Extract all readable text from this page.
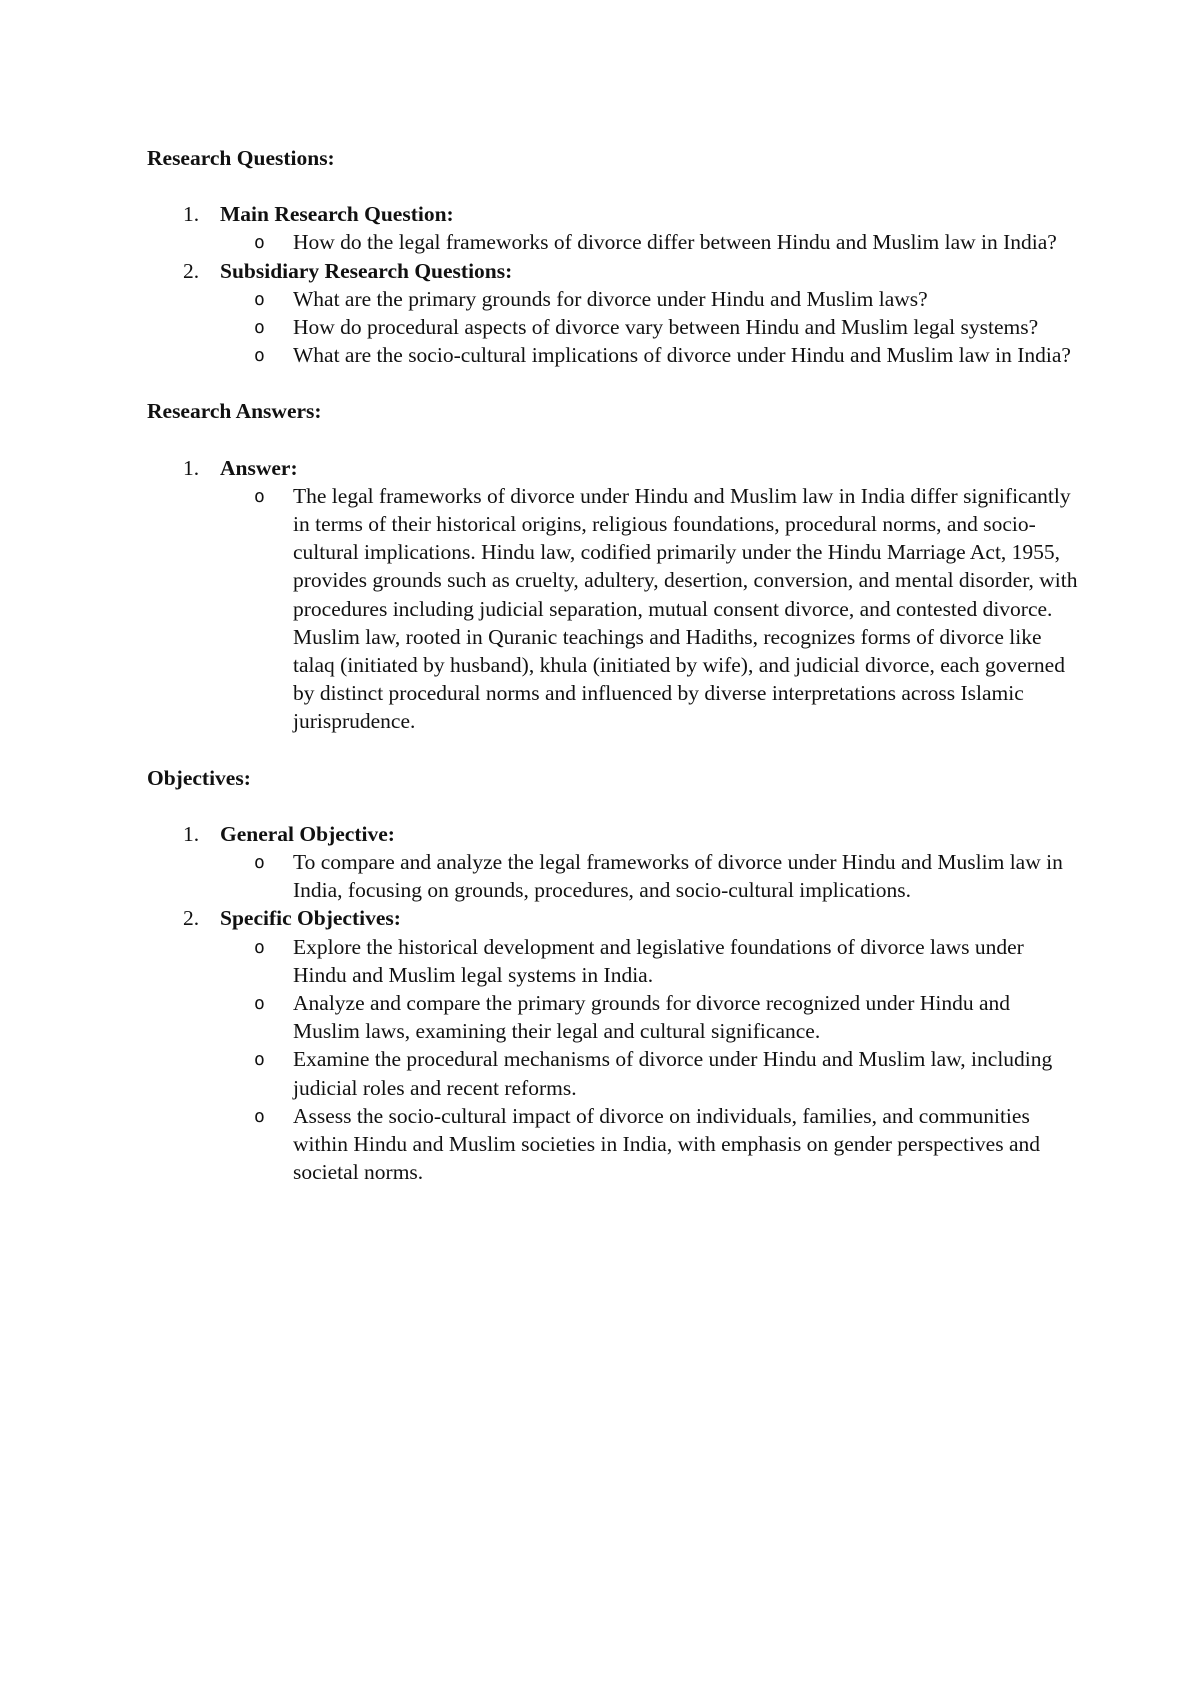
Research Questions:

1. Main Research Question:
o How do the legal frameworks of divorce differ between Hindu and Muslim law in India?
2. Subsidiary Research Questions:
o What are the primary grounds for divorce under Hindu and Muslim laws?
o How do procedural aspects of divorce vary between Hindu and Muslim legal systems?
o What are the socio-cultural implications of divorce under Hindu and Muslim law in India?

Research Answers:

1. Answer:
o The legal frameworks of divorce under Hindu and Muslim law in India differ significantly in terms of their historical origins, religious foundations, procedural norms, and socio-cultural implications. Hindu law, codified primarily under the Hindu Marriage Act, 1955, provides grounds such as cruelty, adultery, desertion, conversion, and mental disorder, with procedures including judicial separation, mutual consent divorce, and contested divorce. Muslim law, rooted in Quranic teachings and Hadiths, recognizes forms of divorce like talaq (initiated by husband), khula (initiated by wife), and judicial divorce, each governed by distinct procedural norms and influenced by diverse interpretations across Islamic jurisprudence.

Objectives:

1. General Objective:
o To compare and analyze the legal frameworks of divorce under Hindu and Muslim law in India, focusing on grounds, procedures, and socio-cultural implications.
2. Specific Objectives:
o Explore the historical development and legislative foundations of divorce laws under Hindu and Muslim legal systems in India.
o Analyze and compare the primary grounds for divorce recognized under Hindu and Muslim laws, examining their legal and cultural significance.
o Examine the procedural mechanisms of divorce under Hindu and Muslim law, including judicial roles and recent reforms.
o Assess the socio-cultural impact of divorce on individuals, families, and communities within Hindu and Muslim societies in India, with emphasis on gender perspectives and societal norms.
